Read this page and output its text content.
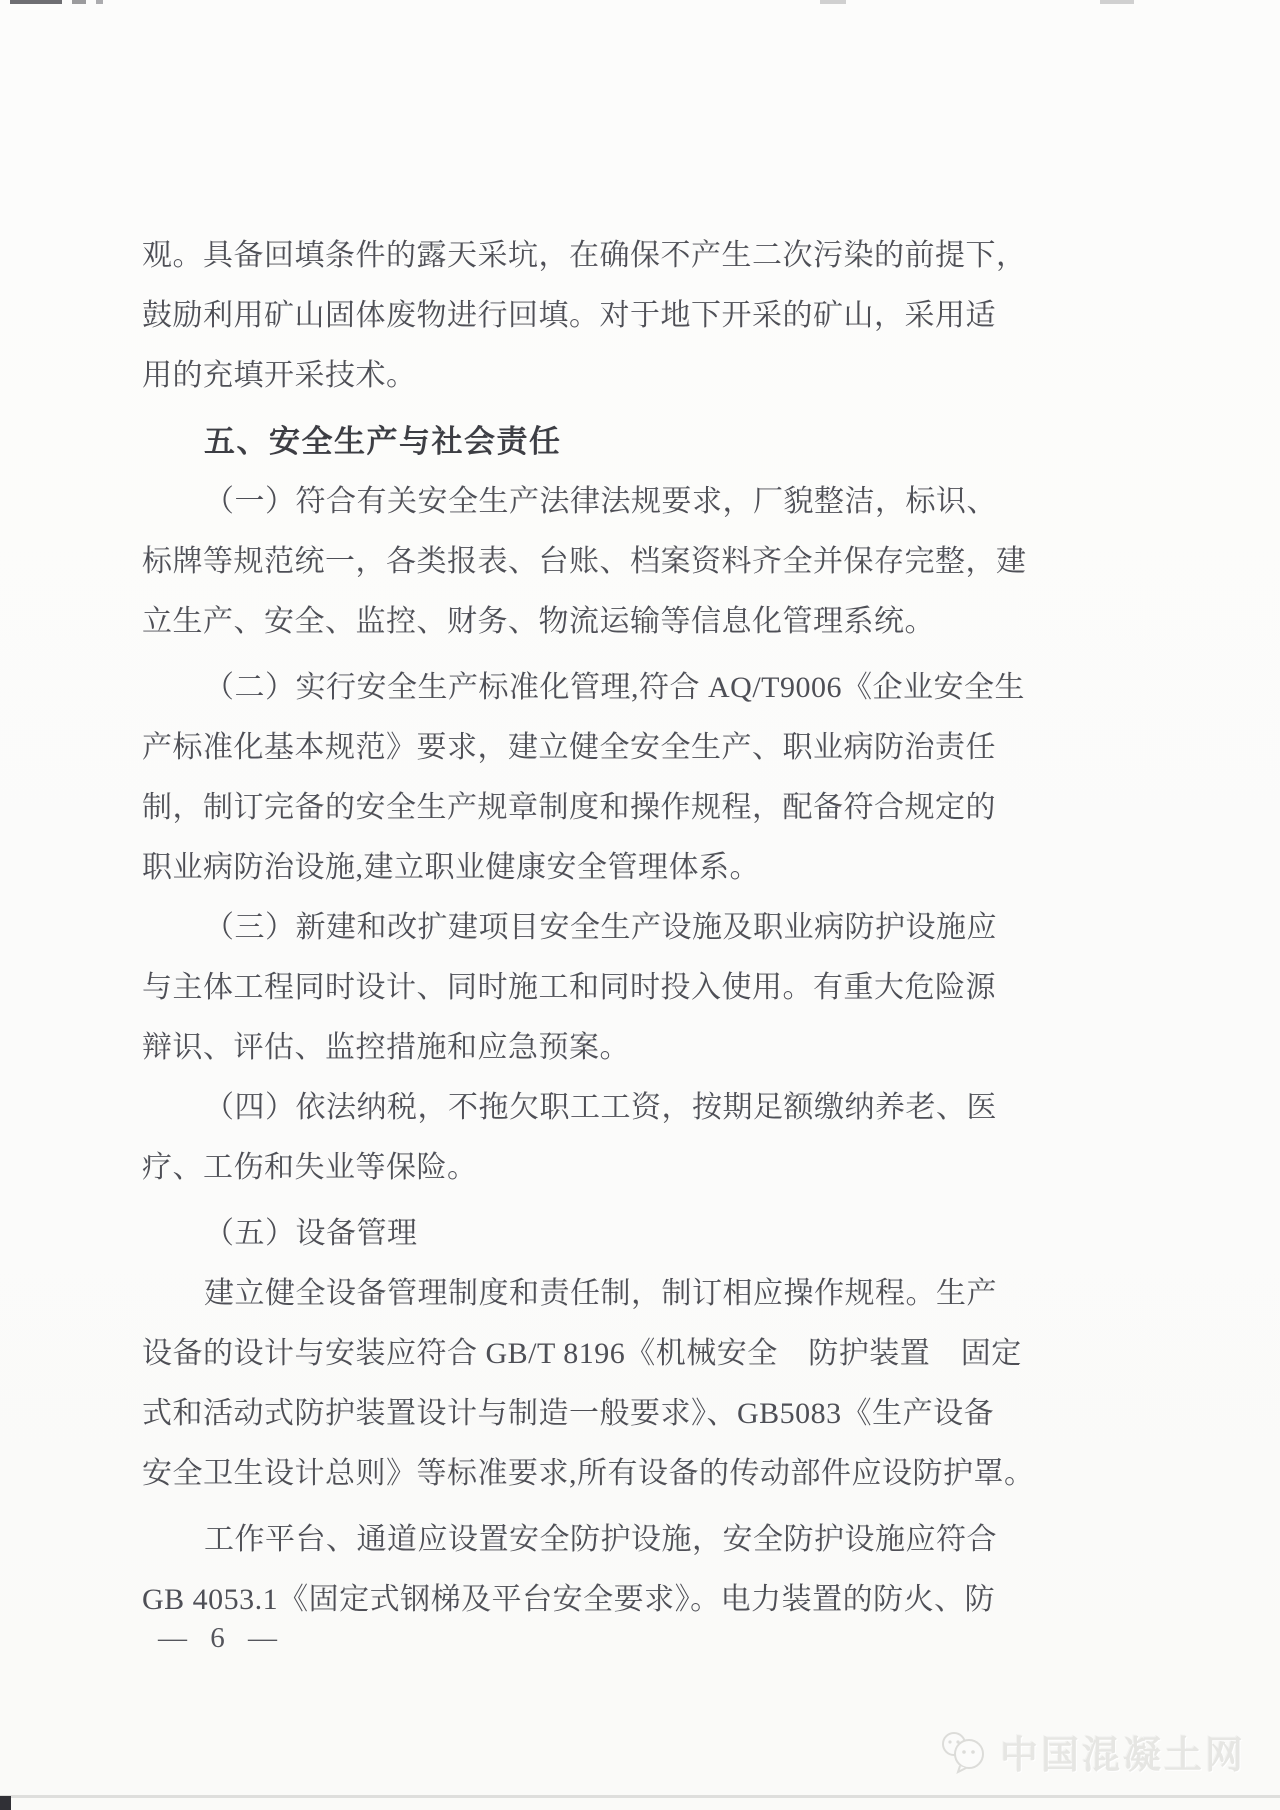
观。具备回填条件的露天采坑，在确保不产生二次污染的前提下，
鼓励利用矿山固体废物进行回填。对于地下开采的矿山，采用适
用的充填开采技术。
五、安全生产与社会责任
（一）符合有关安全生产法律法规要求，厂貌整洁，标识、
标牌等规范统一，各类报表、台账、档案资料齐全并保存完整，建
立生产、安全、监控、财务、物流运输等信息化管理系统。
（二）实行安全生产标准化管理,符合 AQ/T9006《企业安全生
产标准化基本规范》要求，建立健全安全生产、职业病防治责任
制，制订完备的安全生产规章制度和操作规程，配备符合规定的
职业病防治设施,建立职业健康安全管理体系。
（三）新建和改扩建项目安全生产设施及职业病防护设施应
与主体工程同时设计、同时施工和同时投入使用。有重大危险源
辩识、评估、监控措施和应急预案。
（四）依法纳税，不拖欠职工工资，按期足额缴纳养老、医
疗、工伤和失业等保险。
（五）设备管理
建立健全设备管理制度和责任制，制订相应操作规程。生产
设备的设计与安装应符合 GB/T 8196《机械安全　防护装置　固定
式和活动式防护装置设计与制造一般要求》、GB5083《生产设备
安全卫生设计总则》等标准要求,所有设备的传动部件应设防护罩。
工作平台、通道应设置安全防护设施，安全防护设施应符合
GB 4053.1《固定式钢梯及平台安全要求》。电力装置的防火、防
— 6 —
中国混凝土网
